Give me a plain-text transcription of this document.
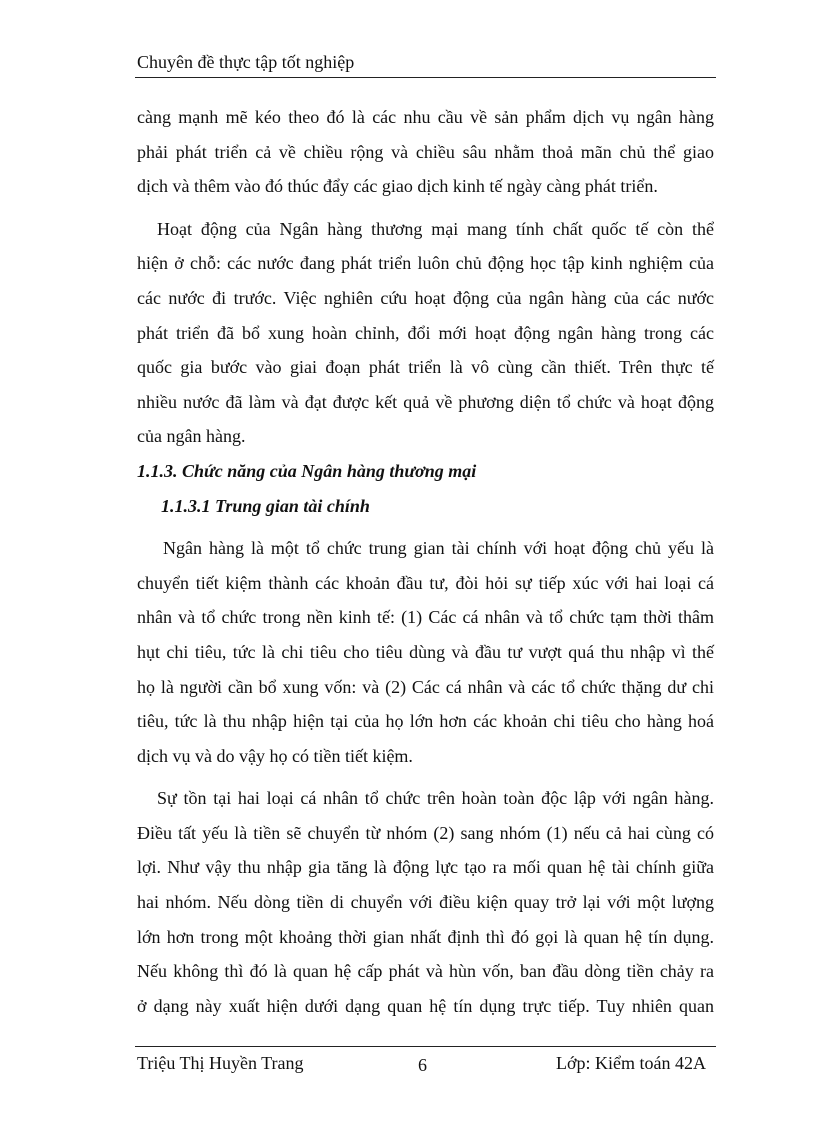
Chuyên đề thực tập tốt nghiệp
càng mạnh mẽ kéo theo đó là các nhu cầu về sản phẩm dịch vụ ngân hàng
phải phát triển cả về chiều rộng và chiều sâu nhằm thoả mãn chủ thể giao
dịch và thêm vào đó thúc đẩy các giao dịch kinh tế ngày càng phát triển.
Hoạt động của Ngân hàng thương mại mang tính chất quốc tế còn thể
hiện ở chỗ: các nước đang phát triển luôn chủ động học tập kinh nghiệm của
các nước đi trước. Việc nghiên cứu hoạt động của ngân hàng của các nước
phát triển đã bổ xung hoàn chỉnh, đổi mới hoạt động ngân hàng trong các
quốc gia bước vào giai đoạn phát triển là vô cùng cần thiết. Trên thực tế
nhiều nước đã làm và đạt được kết quả về phương diện tổ chức và hoạt động
của ngân hàng.
1.1.3. Chức năng của Ngân hàng thương mại
1.1.3.1 Trung gian tài chính
Ngân hàng là một tổ chức trung gian tài chính với hoạt động chủ yếu là
chuyển tiết kiệm thành các khoản đầu tư, đòi hỏi sự tiếp xúc với hai loại cá
nhân và tổ chức trong nền kinh tế: (1) Các cá nhân và tổ chức tạm thời thâm
hụt chi tiêu, tức là chi tiêu cho tiêu dùng và đầu tư vượt quá thu nhập vì thế
họ là người cần bổ xung vốn: và (2) Các cá nhân và các tổ chức thặng dư chi
tiêu, tức là thu nhập hiện tại của họ lớn hơn các khoản chi tiêu cho hàng hoá
dịch vụ và do vậy họ có tiền tiết kiệm.
Sự tồn tại hai loại cá nhân tổ chức trên hoàn toàn độc lập với ngân hàng.
Điều tất yếu là tiền sẽ chuyển từ nhóm (2) sang nhóm (1) nếu cả hai cùng có
lợi. Như vậy thu nhập gia tăng là động lực tạo ra mối quan hệ tài chính giữa
hai nhóm. Nếu dòng tiền di chuyển với điều kiện quay trở lại với một lượng
lớn hơn trong một khoảng thời gian nhất định thì đó gọi là quan hệ tín dụng.
Nếu không thì đó là quan hệ cấp phát và hùn vốn, ban đầu dòng tiền chảy ra
ở dạng này xuất hiện dưới dạng quan hệ tín dụng trực tiếp. Tuy nhiên quan
Triệu Thị Huyền Trang	6	Lớp: Kiểm toán 42A
